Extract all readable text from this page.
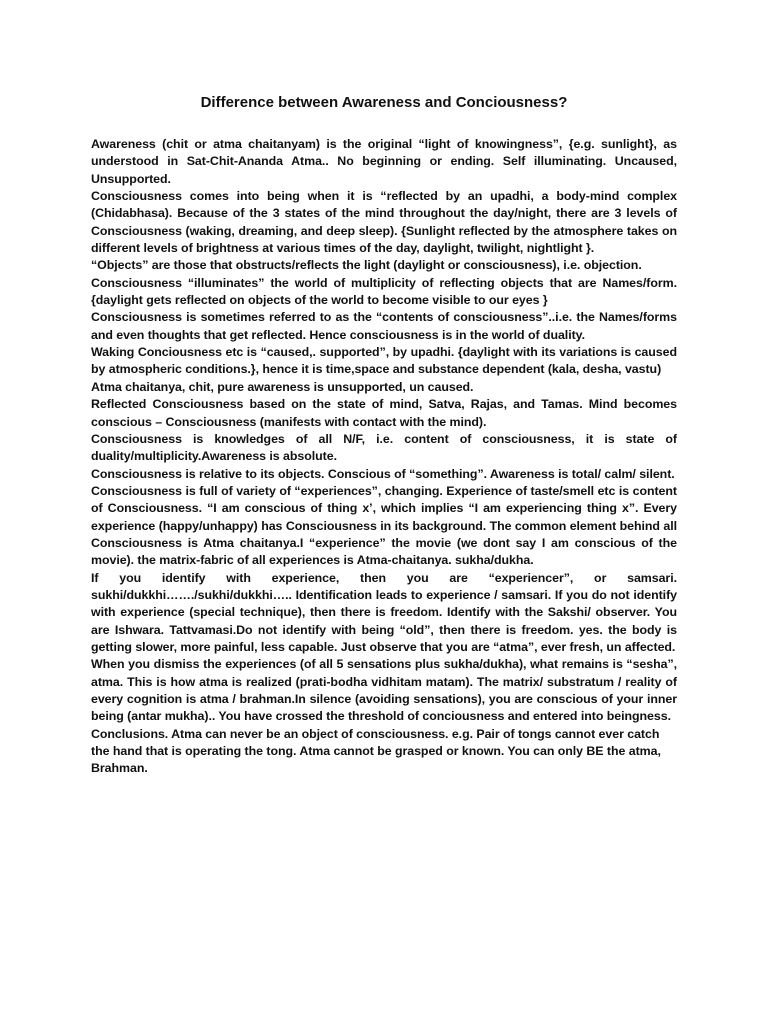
Difference between Awareness and Conciousness?

Awareness (chit or atma chaitanyam) is the original “light of knowingness”, {e.g. sunlight}, as understood in Sat-Chit-Ananda Atma.. No beginning or ending. Self illuminating. Uncaused, Unsupported.

Consciousness comes into being when it is “reflected by an upadhi, a body-mind complex (Chidabhasa). Because of the 3 states of the mind throughout the day/night, there are 3 levels of Consciousness (waking, dreaming, and deep sleep). {Sunlight reflected by the atmosphere takes on different levels of brightness at various times of the day, daylight, twilight, nightlight }.

“Objects” are those that obstructs/reflects the light (daylight or consciousness), i.e. objection.

Consciousness “illuminates” the world of multiplicity of reflecting objects that are Names/form. {daylight gets reflected on objects of the world to become visible to our eyes }

Consciousness is sometimes referred to as the “contents of consciousness”..i.e. the Names/forms and even thoughts that get reflected. Hence consciousness is in the world of duality.

Waking Conciousness etc is “caused,. supported”, by upadhi. {daylight with its variations is caused by atmospheric conditions.}, hence it is time,space and substance dependent (kala, desha, vastu)

Atma chaitanya, chit, pure awareness is unsupported, un caused.

Reflected Consciousness based on the state of mind, Satva, Rajas, and Tamas. Mind becomes conscious – Consciousness (manifests with contact with the mind).

Consciousness is knowledges of all N/F, i.e. content of consciousness, it is state of duality/multiplicity.Awareness is absolute.

Consciousness is relative to its objects. Conscious of “something”. Awareness is total/ calm/ silent.

Consciousness is full of variety of “experiences”, changing. Experience of taste/smell etc is content of Consciousness. “I am conscious of thing x’, which implies “I am experiencing thing x”. Every experience (happy/unhappy) has Consciousness in its background. The common element behind all Consciousness is Atma chaitanya.I “experience” the movie (we dont say I am conscious of the movie). the matrix-fabric of all experiences is Atma-chaitanya. sukha/dukha.

If you identify with experience, then you are “experiencer”, or samsari. sukhi/dukkhi……./sukhi/dukkhi….. Identification leads to experience / samsari. If you do not identify with experience (special technique), then there is freedom. Identify with the Sakshi/ observer. You are Ishwara. Tattvamasi.Do not identify with being “old”, then there is freedom. yes. the body is getting slower, more painful, less capable. Just observe that you are “atma”, ever fresh, un affected.

When you dismiss the experiences (of all 5 sensations plus sukha/dukha), what remains is “sesha”, atma. This is how atma is realized (prati-bodha vidhitam matam). The matrix/ substratum / reality of every cognition is atma / brahman.In silence (avoiding sensations), you are conscious of your inner being (antar mukha).. You have crossed the threshold of conciousness and entered into beingness.

Conclusions. Atma can never be an object of consciousness. e.g. Pair of tongs cannot ever catch the hand that is operating the tong. Atma cannot be grasped or known. You can only BE the atma, Brahman.
